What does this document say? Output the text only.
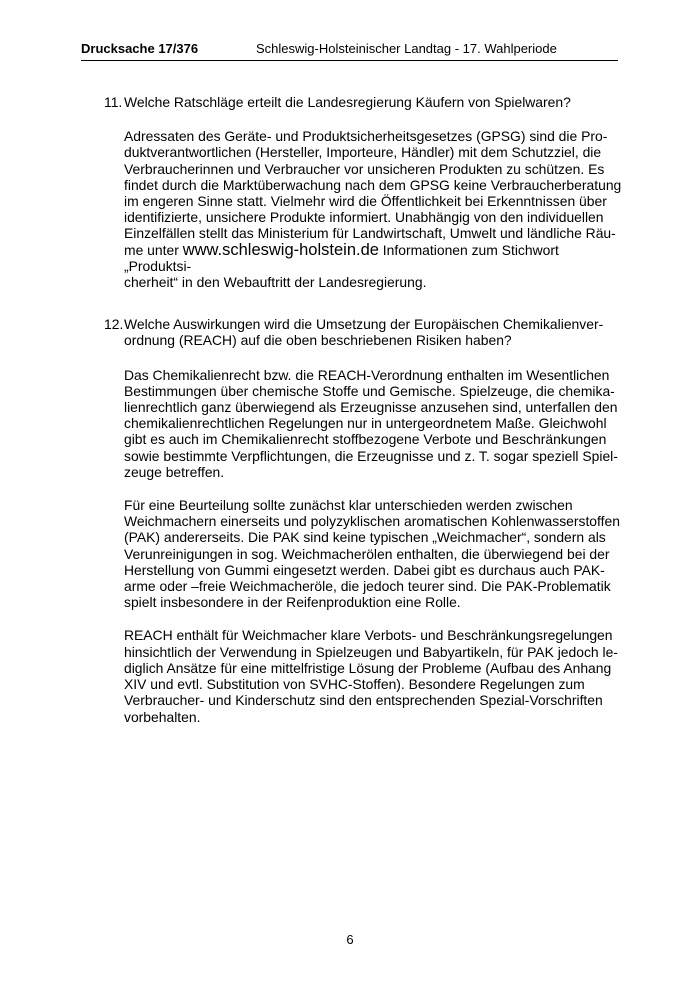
Drucksache 17/376	Schleswig-Holsteinischer Landtag - 17. Wahlperiode
11. Welche Ratschläge erteilt die Landesregierung Käufern von Spielwaren?

Adressaten des Geräte- und Produktsicherheitsgesetzes (GPSG) sind die Pro-
duktverantwortlichen (Hersteller, Importeure, Händler) mit dem Schutzziel, die
Verbraucherinnen und Verbraucher vor unsicheren Produkten zu schützen. Es
findet durch die Marktüberwachung nach dem GPSG keine Verbraucherberatung
im engeren Sinne statt. Vielmehr wird die Öffentlichkeit bei Erkenntnissen über
identifizierte, unsichere Produkte informiert. Unabhängig von den individuellen
Einzelfällen stellt das Ministerium für Landwirtschaft, Umwelt und ländliche Räu-
me unter www.schleswig-holstein.de Informationen zum Stichwort „Produktsi-
cherheit“ in den Webauftritt der Landesregierung.

12. Welche Auswirkungen wird die Umsetzung der Europäischen Chemikalienver-
ordnung (REACH) auf die oben beschriebenen Risiken haben?

Das Chemikalienrecht bzw. die REACH-Verordnung enthalten im Wesentlichen
Bestimmungen über chemische Stoffe und Gemische. Spielzeuge, die chemika-
lienrechtlich ganz überwiegend als Erzeugnisse anzusehen sind, unterfallen den
chemikalienrechtlichen Regelungen nur in untergeordnetem Maße. Gleichwohl
gibt es auch im Chemikalienrecht stoffbezogene Verbote und Beschränkungen
sowie bestimmte Verpflichtungen, die Erzeugnisse und z. T. sogar speziell Spiel-
zeuge betreffen.

Für eine Beurteilung sollte zunächst klar unterschieden werden zwischen
Weichmachern einerseits und polyzyklischen aromatischen Kohlenwasserstoffen
(PAK) andererseits. Die PAK sind keine typischen „Weichmacher“, sondern als
Verunreinigungen in sog. Weichmacherölen enthalten, die überwiegend bei der
Herstellung von Gummi eingesetzt werden. Dabei gibt es durchaus auch PAK-
arme oder –freie Weichmacheröle, die jedoch teurer sind. Die PAK-Problematik
spielt insbesondere in der Reifenproduktion eine Rolle.

REACH enthält für Weichmacher klare Verbots- und Beschränkungsregelungen
hinsichtlich der Verwendung in Spielzeugen und Babyartikeln, für PAK jedoch le-
diglich Ansätze für eine mittelfristige Lösung der Probleme (Aufbau des Anhang
XIV und evtl. Substitution von SVHC-Stoffen). Besondere Regelungen zum
Verbraucher- und Kinderschutz sind den entsprechenden Spezial-Vorschriften
vorbehalten.

6
